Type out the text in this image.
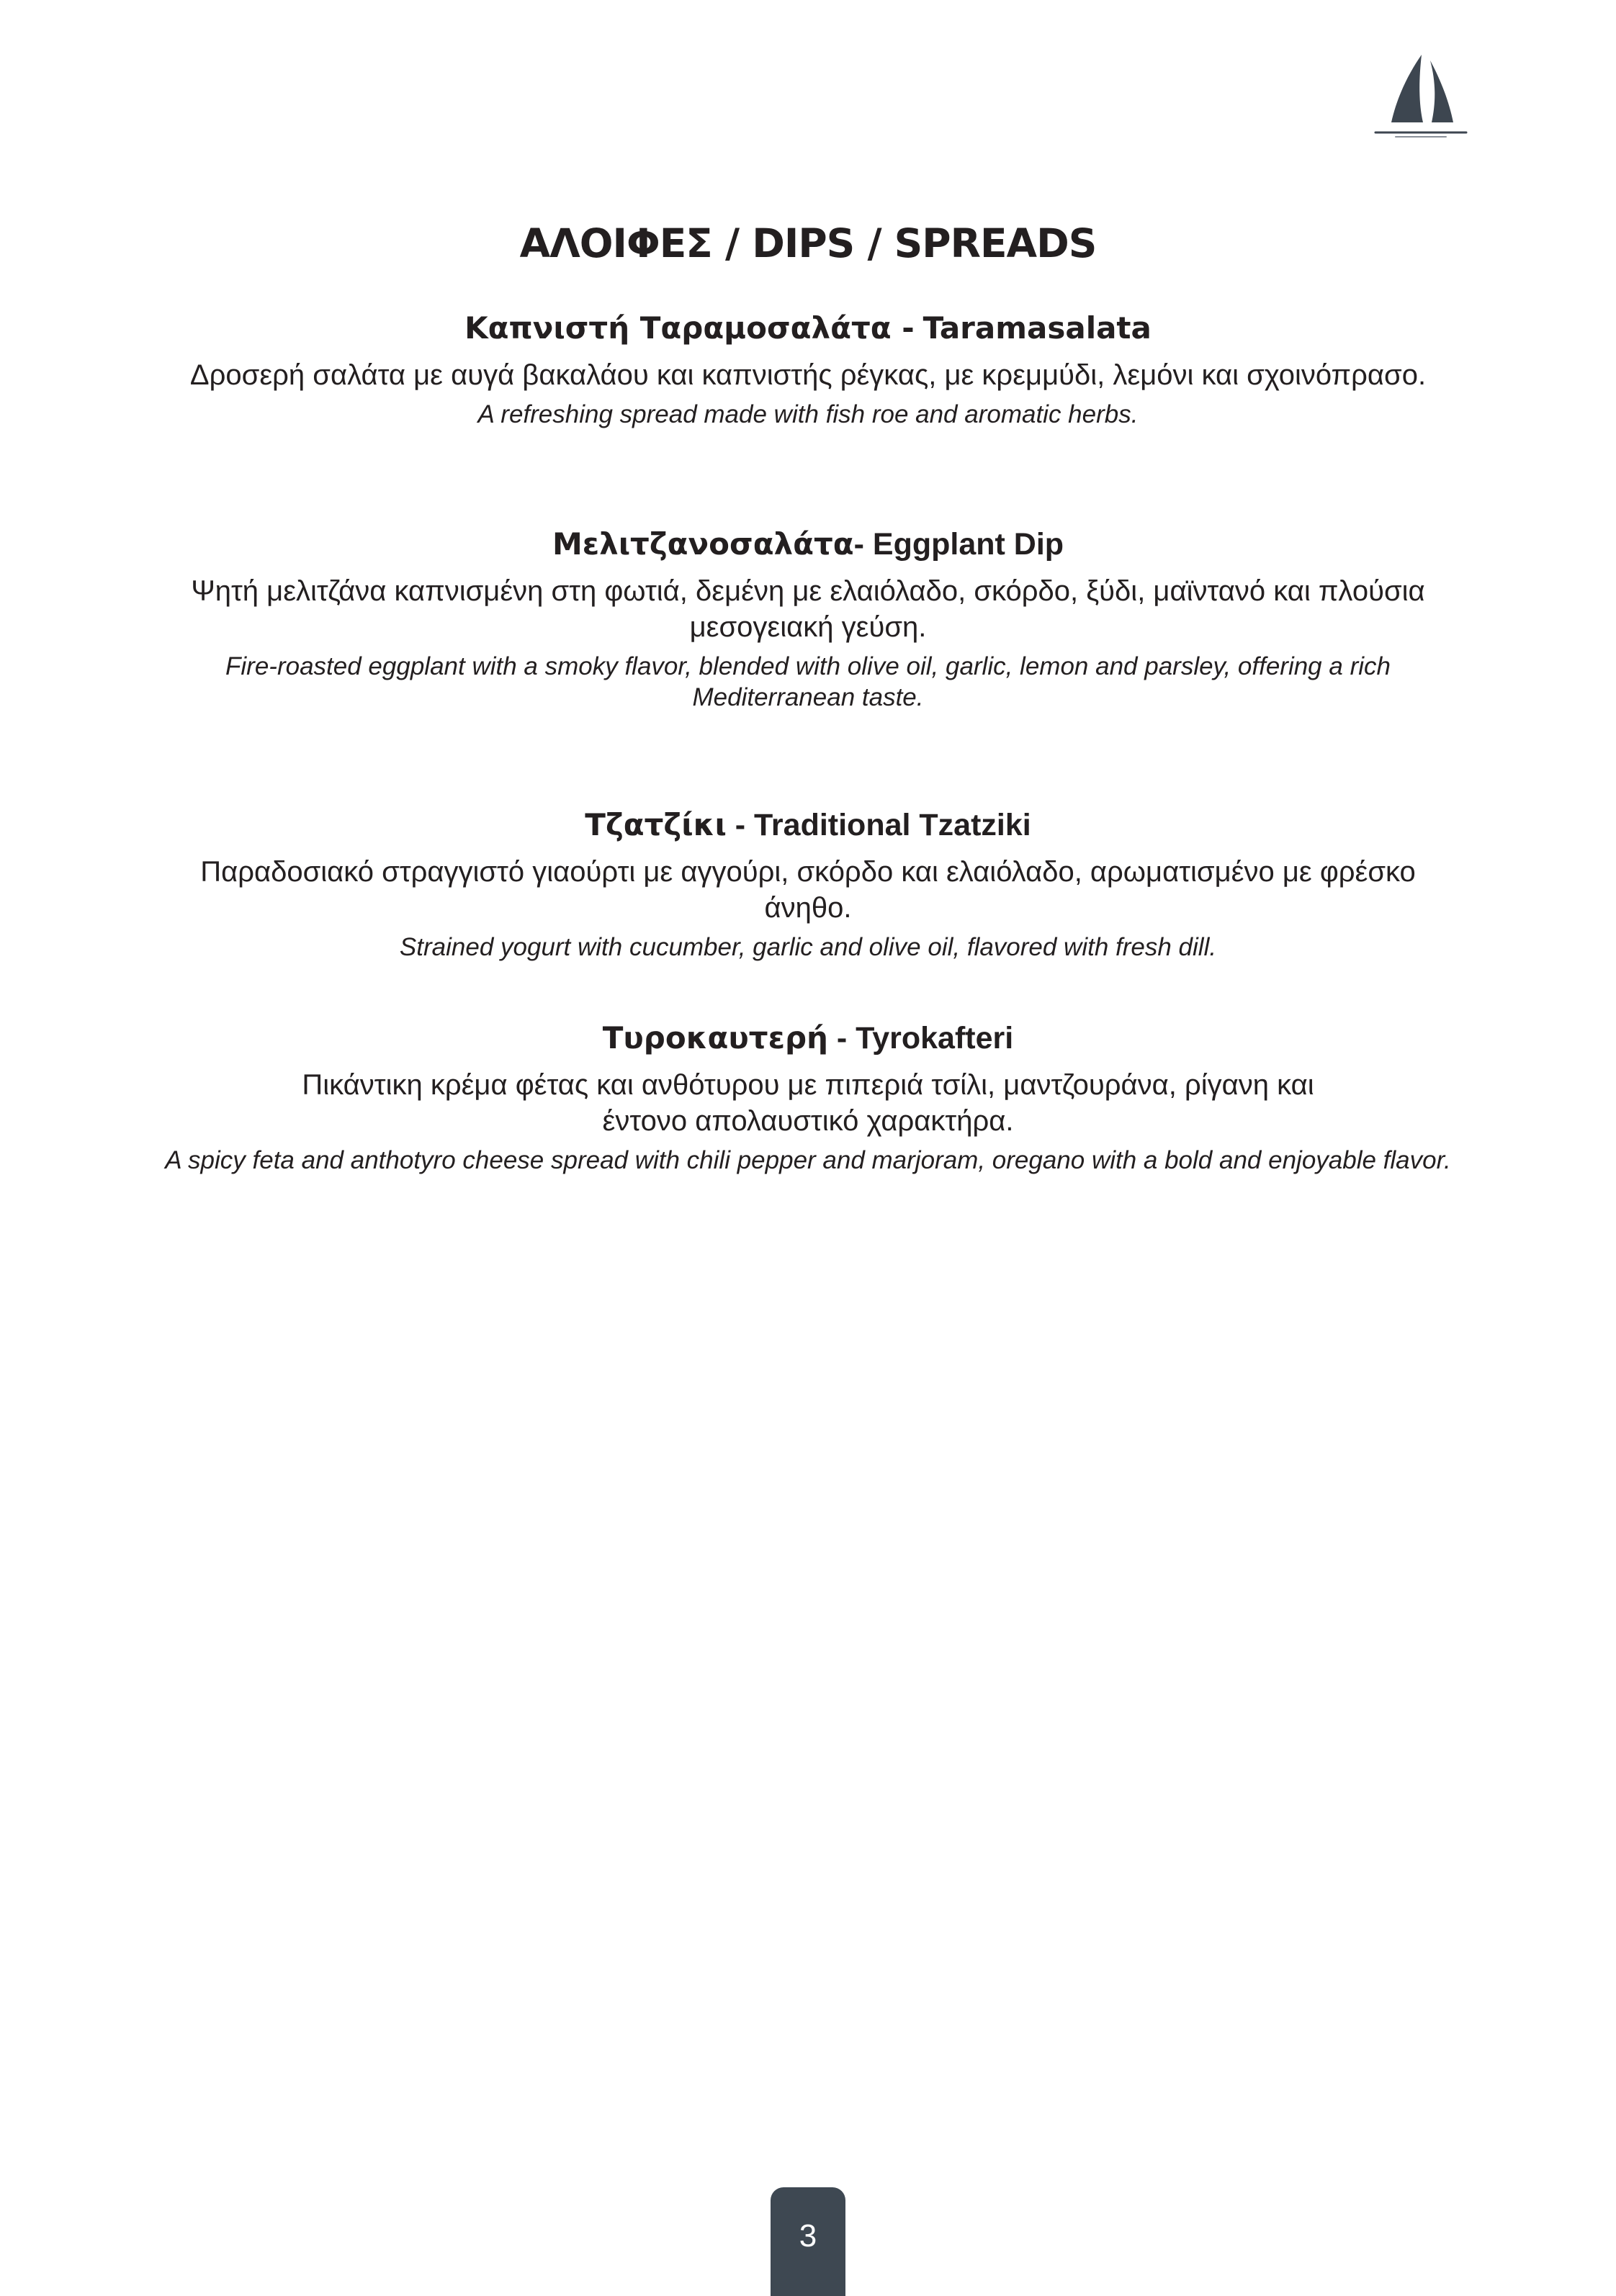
ΑΛΟΙΦΕΣ / DIPS / SPREADS

Καπνιστή Ταραμοσαλάτα - Taramasalata

Δροσερή σαλάτα με αυγά βακαλάου και καπνιστής ρέγκας, με κρεμμύδι, λεμόνι και σχοινόπρασο.

A refreshing spread made with fish roe and aromatic herbs.

Μελιτζανοσαλάτα- Eggplant Dip

Ψητή μελιτζάνα καπνισμένη στη φωτιά, δεμένη με ελαιόλαδο, σκόρδο, ξύδι, μαϊντανό και πλούσια μεσογειακή γεύση.

Fire-roasted eggplant with a smoky flavor, blended with olive oil, garlic, lemon and parsley, offering a rich Mediterranean taste.

Τζατζίκι - Traditional Tzatziki

Παραδοσιακό στραγγιστό γιαούρτι με αγγούρι, σκόρδο και ελαιόλαδο, αρωματισμένο με φρέσκο άνηθο.

Strained yogurt with cucumber, garlic and olive oil, flavored with fresh dill.

Τυροκαυτερή - Tyrokafteri

Πικάντικη κρέμα φέτας και ανθότυρου με πιπεριά τσίλι, μαντζουράνα, ρίγανη και έντονο απολαυστικό χαρακτήρα.

A spicy feta and anthotyro cheese spread with chili pepper and marjoram, oregano with a bold and enjoyable flavor.

3
